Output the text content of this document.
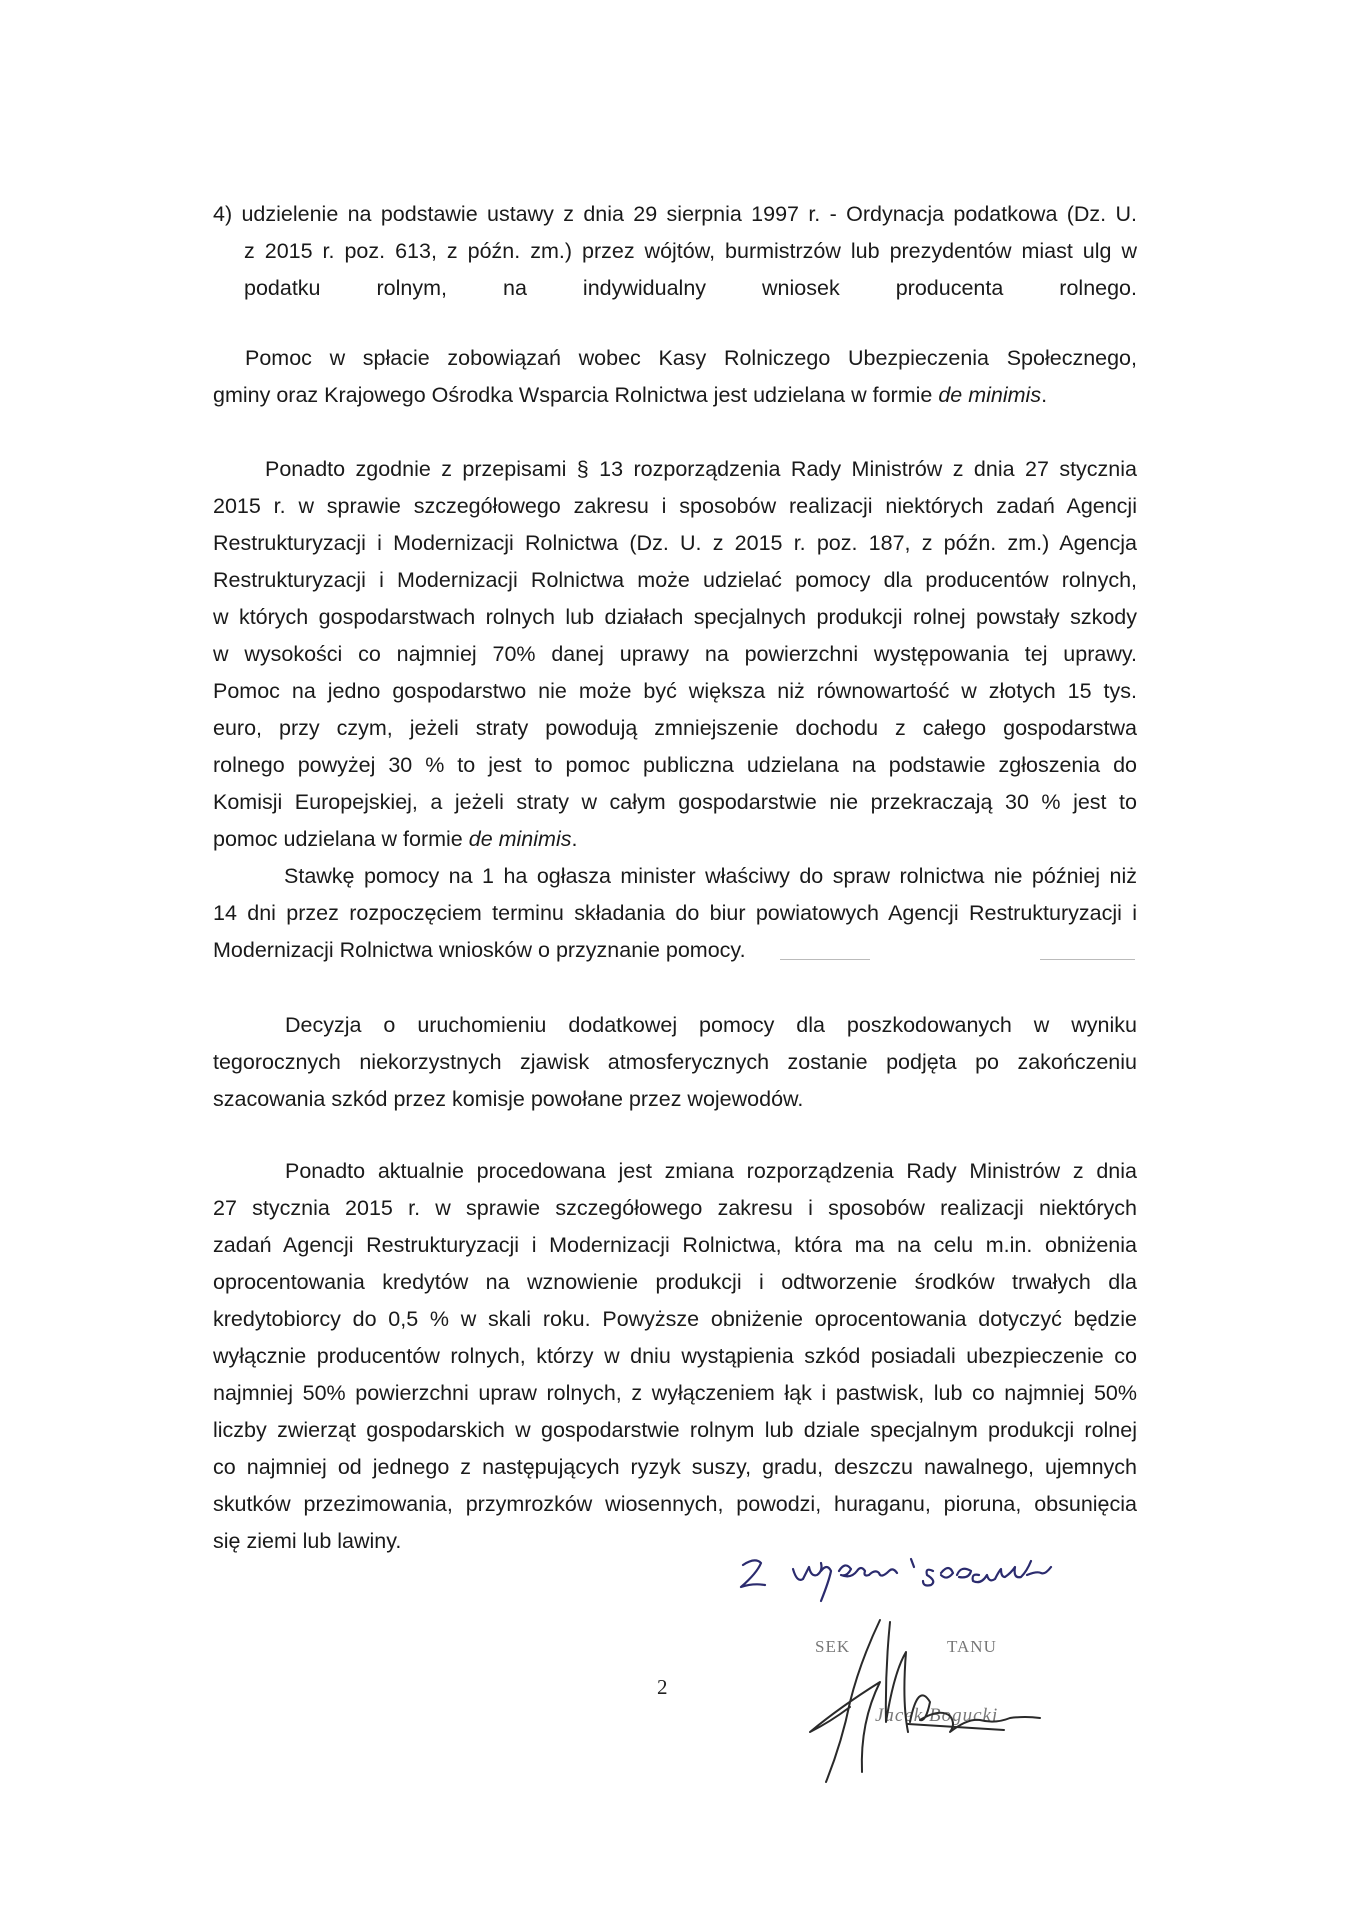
4) udzielenie na podstawie ustawy z dnia 29 sierpnia 1997 r. - Ordynacja podatkowa (Dz. U.
z 2015 r. poz. 613, z późn. zm.) przez wójtów, burmistrzów lub prezydentów miast ulg w
podatku rolnym, na indywidualny wniosek producenta rolnego.
Pomoc w spłacie zobowiązań wobec Kasy Rolniczego Ubezpieczenia Społecznego,
gminy oraz Krajowego Ośrodka Wsparcia Rolnictwa jest udzielana w formie de minimis.
Ponadto zgodnie z przepisami § 13 rozporządzenia Rady Ministrów z dnia 27 stycznia
2015 r. w sprawie szczegółowego zakresu i sposobów realizacji niektórych zadań Agencji
Restrukturyzacji i Modernizacji Rolnictwa (Dz. U. z 2015 r. poz. 187, z późn. zm.) Agencja
Restrukturyzacji i Modernizacji Rolnictwa może udzielać pomocy dla producentów rolnych,
w których gospodarstwach rolnych lub działach specjalnych produkcji rolnej powstały szkody
w wysokości co najmniej 70% danej uprawy na powierzchni występowania tej uprawy.
Pomoc na jedno gospodarstwo nie może być większa niż równowartość w złotych 15 tys.
euro, przy czym, jeżeli straty powodują zmniejszenie dochodu z całego gospodarstwa
rolnego powyżej 30 % to jest to pomoc publiczna udzielana na podstawie zgłoszenia do
Komisji Europejskiej, a jeżeli straty w całym gospodarstwie nie przekraczają 30 % jest to
pomoc udzielana w formie de minimis.
Stawkę pomocy na 1 ha ogłasza minister właściwy do spraw rolnictwa nie później niż
14 dni przez rozpoczęciem terminu składania do biur powiatowych Agencji Restrukturyzacji i
Modernizacji Rolnictwa wniosków o przyznanie pomocy.
Decyzja o uruchomieniu dodatkowej pomocy dla poszkodowanych w wyniku
tegorocznych niekorzystnych zjawisk atmosferycznych zostanie podjęta po zakończeniu
szacowania szkód przez komisje powołane przez wojewodów.
Ponadto aktualnie procedowana jest zmiana rozporządzenia Rady Ministrów z dnia
27 stycznia 2015 r. w sprawie szczegółowego zakresu i sposobów realizacji niektórych
zadań Agencji Restrukturyzacji i Modernizacji Rolnictwa, która ma na celu m.in. obniżenia
oprocentowania kredytów na wznowienie produkcji i odtworzenie środków trwałych dla
kredytobiorcy do 0,5 % w skali roku. Powyższe obniżenie oprocentowania dotyczyć będzie
wyłącznie producentów rolnych, którzy w dniu wystąpienia szkód posiadali ubezpieczenie co
najmniej 50% powierzchni upraw rolnych, z wyłączeniem łąk i pastwisk, lub co najmniej 50%
liczby zwierząt gospodarskich w gospodarstwie rolnym lub dziale specjalnym produkcji rolnej
co najmniej od jednego z następujących ryzyk suszy, gradu, deszczu nawalnego, ujemnych
skutków przezimowania, przymrozków wiosennych, powodzi, huraganu, pioruna, obsunięcia
się ziemi lub lawiny.
SEK	TANU
Jacek Bogucki
2
